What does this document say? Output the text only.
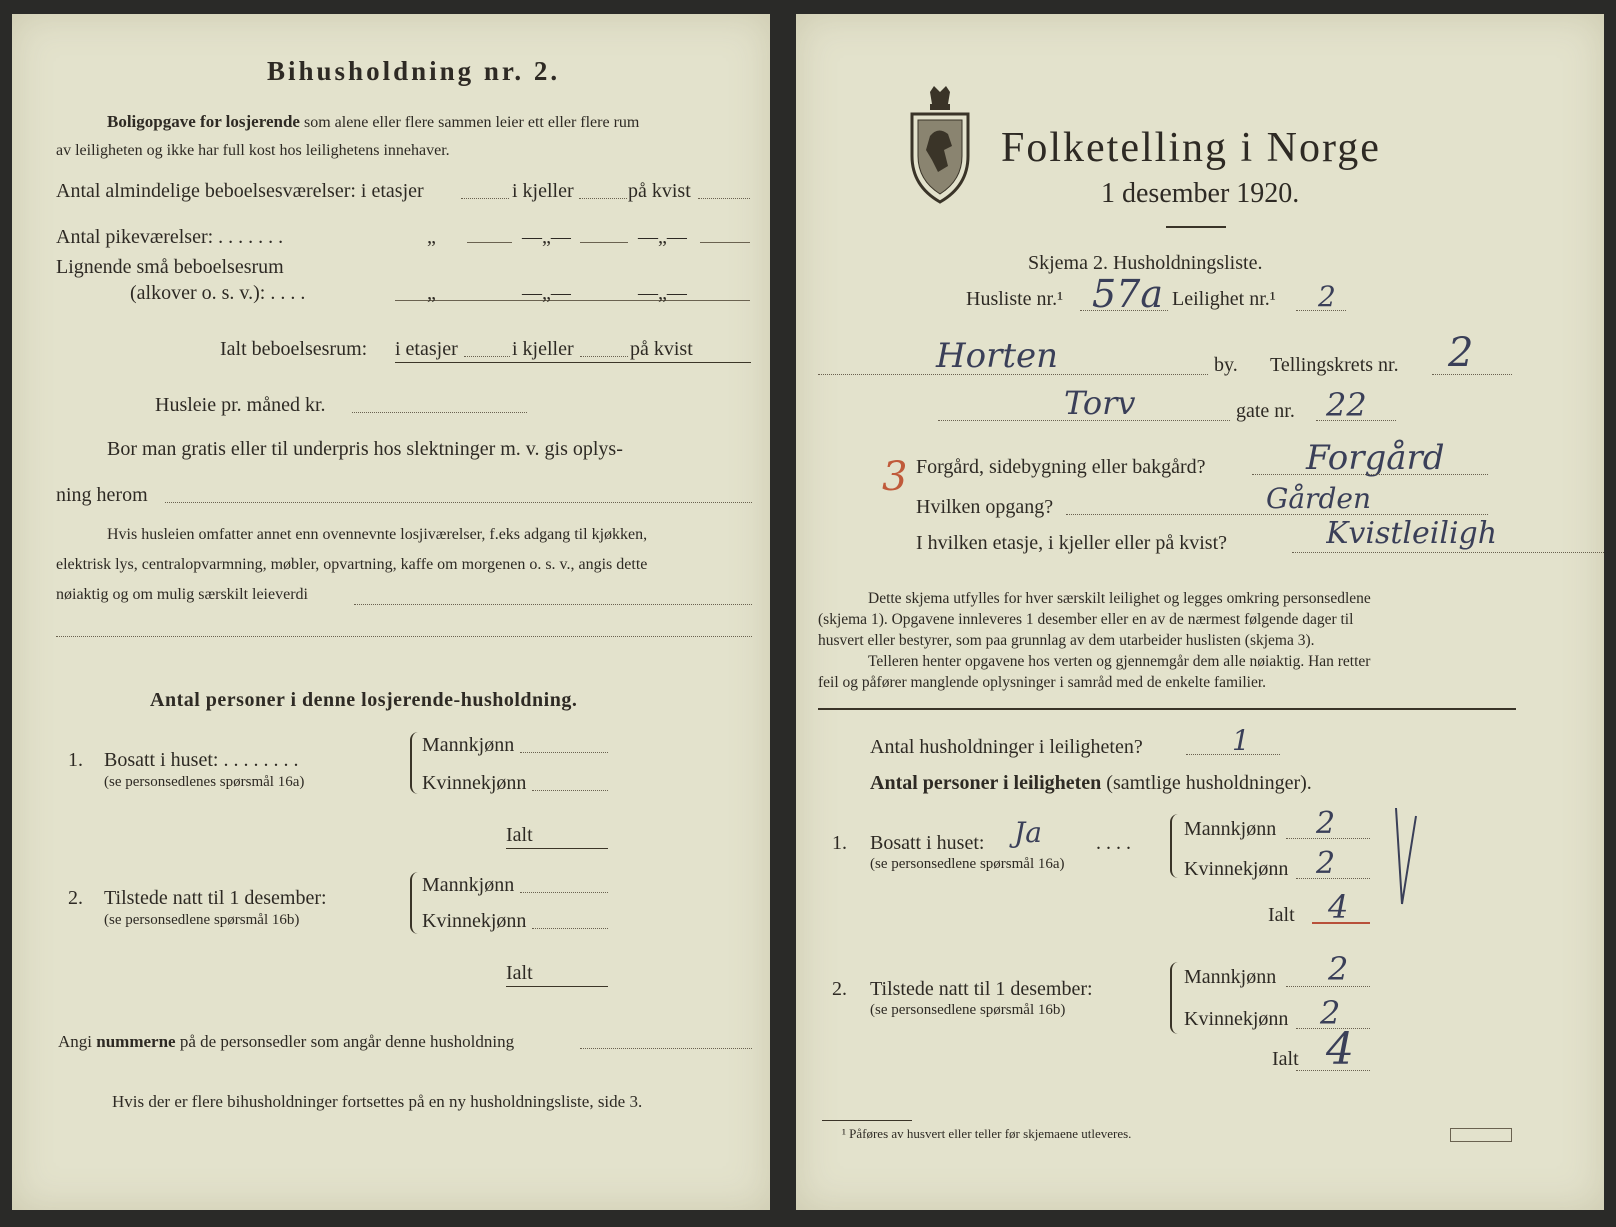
Bihusholdning nr. 2.
Boligopgave for losjerende som alene eller flere sammen leier ett eller flere rum
av leiligheten og ikke har full kost hos leilighetens innehaver.
Antal almindelige beboelsesværelser: i etasjer	i kjeller	på kvist
Antal pikeværelser: . . . . . . .	„	—„—	—„—
Lignende små beboelsesrum
(alkover o. s. v.): . . . .	„	—„—	—„—
Ialt beboelsesrum: i etasjer	i kjeller	på kvist
Husleie pr. måned kr.
Bor man gratis eller til underpris hos slektninger m. v. gis oplys-
ning herom
Hvis husleien omfatter annet enn ovennevnte losjiværelser, f.eks adgang til kjøkken,
elektrisk lys, centralopvarmning, møbler, opvartning, kaffe om morgenen o. s. v., angis dette
nøiaktig og om mulig særskilt leieverdi
Antal personer i denne losjerende-husholdning.
1. Bosatt i huset: . . . . . . . .
(se personsedlenes spørsmål 16a)
Mannkjønn
Kvinnekjønn
Ialt
2. Tilstede natt til 1 desember:
(se personsedlene spørsmål 16b)
Mannkjønn
Kvinnekjønn
Ialt
Angi nummerne på de personsedler som angår denne husholdning
Hvis der er flere bihusholdninger fortsettes på en ny husholdningsliste, side 3.
Folketelling i Norge
1 desember 1920.
Skjema 2. Husholdningsliste.
Husliste nr.¹ 57a Leilighet nr.¹ 2
Horten	by. Tellingskrets nr. 2
Torv	gate nr. 22
3 Forgård, sidebygning eller bakgård?	Forgård
Hvilken opgang?	Gården
I hvilken etasje, i kjeller eller på kvist?	Kvistleiligh
Dette skjema utfylles for hver særskilt leilighet og legges omkring personsedlene
(skjema 1). Opgavene innleveres 1 desember eller en av de nærmest følgende dager til
husvert eller bestyrer, som paa grunnlag av dem utarbeider huslisten (skjema 3).
Telleren henter opgavene hos verten og gjennemgår dem alle nøiaktig. Han retter
feil og påfører manglende oplysninger i samråd med de enkelte familier.
Antal husholdninger i leiligheten?	1
Antal personer i leiligheten (samtlige husholdninger).
1. Bosatt i huset: Ja	. . . .
(se personsedlene spørsmål 16a)
Mannkjønn 2
Kvinnekjønn 2
Ialt 4
2. Tilstede natt til 1 desember:
(se personsedlene spørsmål 16b)
Mannkjønn 2
Kvinnekjønn 2
Ialt 4
¹ Påføres av husvert eller teller før skjemaene utleveres.
